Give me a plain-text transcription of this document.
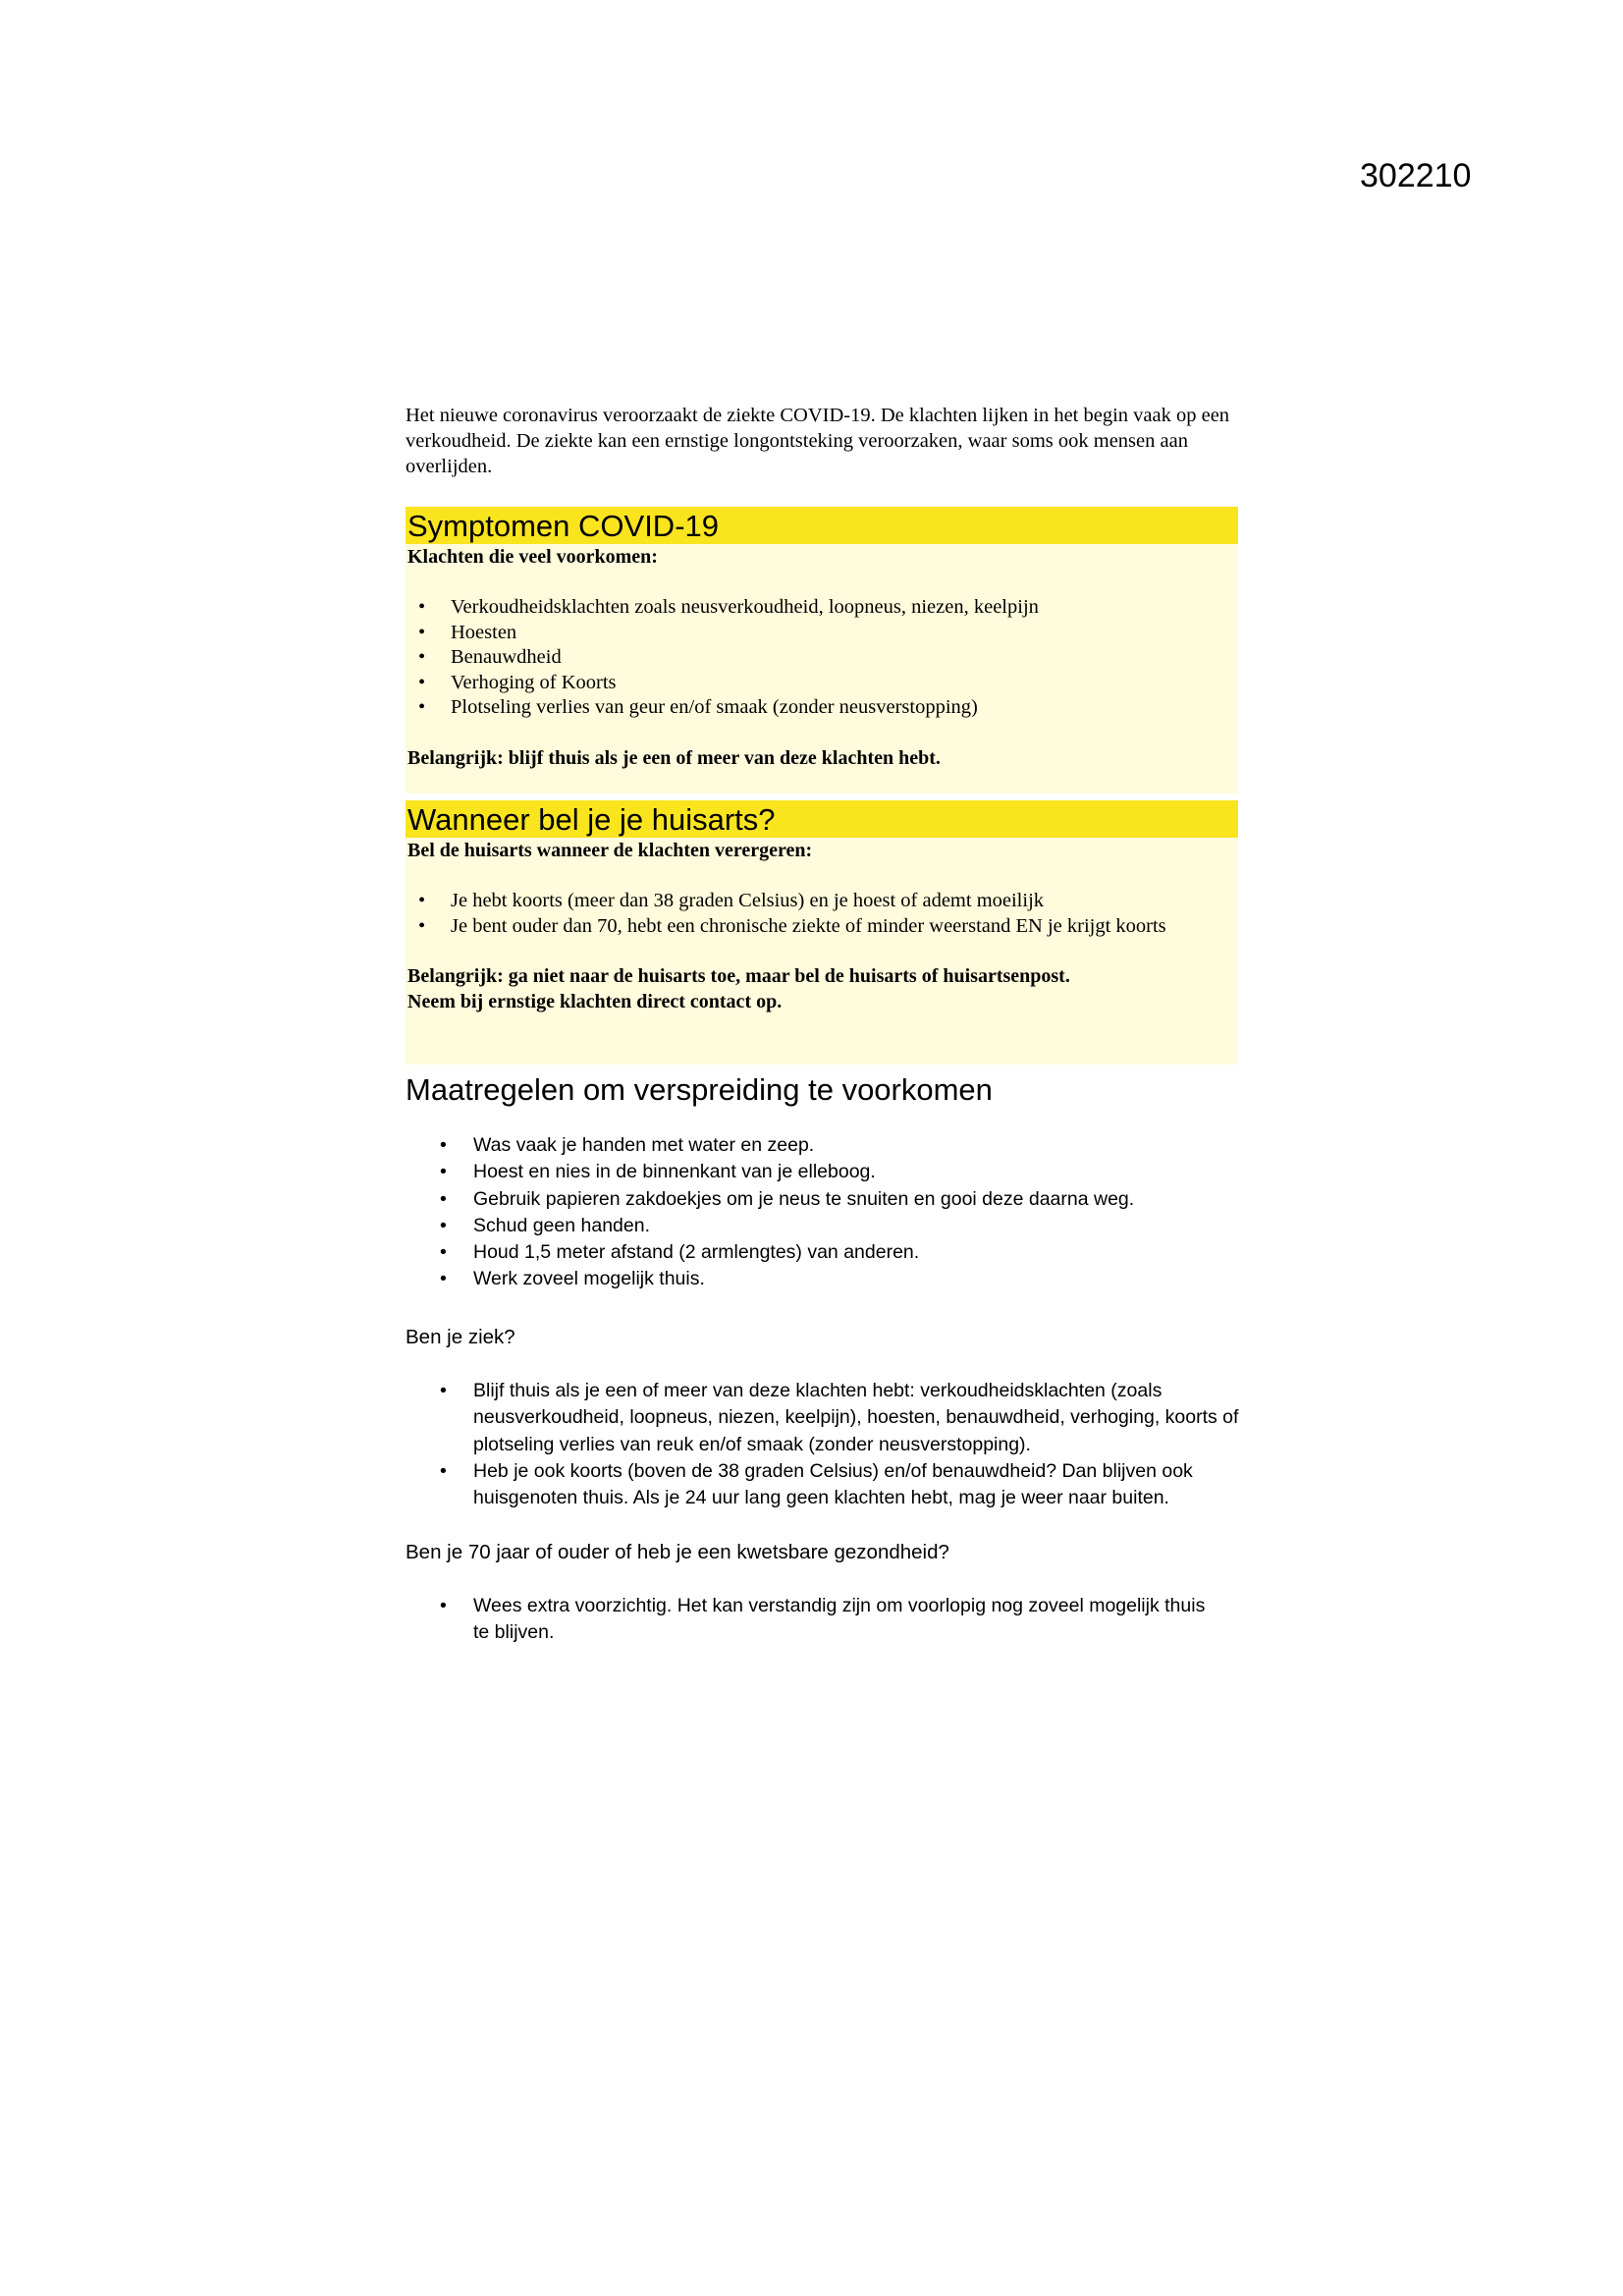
302210
Het nieuwe coronavirus veroorzaakt de ziekte COVID-19. De klachten lijken in het begin vaak op een verkoudheid. De ziekte kan een ernstige longontsteking veroorzaken, waar soms ook mensen aan overlijden.
Symptomen COVID-19
Klachten die veel voorkomen:
• Verkoudheidsklachten zoals neusverkoudheid, loopneus, niezen, keelpijn
• Hoesten
• Benauwdheid
• Verhoging of Koorts
• Plotseling verlies van geur en/of smaak (zonder neusverstopping)
Belangrijk: blijf thuis als je een of meer van deze klachten hebt.
Wanneer bel je je huisarts?
Bel de huisarts wanneer de klachten verergeren:
• Je hebt koorts (meer dan 38 graden Celsius) en je hoest of ademt moeilijk
• Je bent ouder dan 70, hebt een chronische ziekte of minder weerstand EN je krijgt koorts
Belangrijk: ga niet naar de huisarts toe, maar bel de huisarts of huisartsenpost.
Neem bij ernstige klachten direct contact op.
Maatregelen om verspreiding te voorkomen
• Was vaak je handen met water en zeep.
• Hoest en nies in de binnenkant van je elleboog.
• Gebruik papieren zakdoekjes om je neus te snuiten en gooi deze daarna weg.
• Schud geen handen.
• Houd 1,5 meter afstand (2 armlengtes) van anderen.
• Werk zoveel mogelijk thuis.
Ben je ziek?
• Blijf thuis als je een of meer van deze klachten hebt: verkoudheidsklachten (zoals neusverkoudheid, loopneus, niezen, keelpijn), hoesten, benauwdheid, verhoging, koorts of plotseling verlies van reuk en/of smaak (zonder neusverstopping).
• Heb je ook koorts (boven de 38 graden Celsius) en/of benauwdheid? Dan blijven ook huisgenoten thuis. Als je 24 uur lang geen klachten hebt, mag je weer naar buiten.
Ben je 70 jaar of ouder of heb je een kwetsbare gezondheid?
• Wees extra voorzichtig. Het kan verstandig zijn om voorlopig nog zoveel mogelijk thuis te blijven.
